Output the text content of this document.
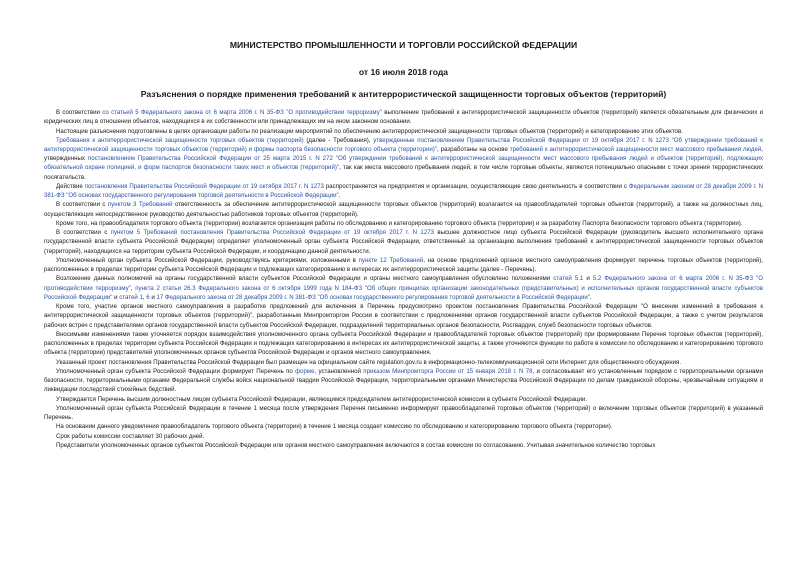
МИНИСТЕРСТВО ПРОМЫШЛЕННОСТИ И ТОРГОВЛИ РОССИЙСКОЙ ФЕДЕРАЦИИ

от 16 июля 2018 года

Разъяснения о порядке применения требований к антитеррористической защищенности торговых объектов (территорий)

В соответствии со статьей 5 Федерального закона от 6 марта 2006 г. N 35-ФЗ "О противодействии терроризму" выполнение требований к антитеррористической защищенности объектов (территорий) является обязательным для физических и юридических лиц в отношении объектов, находящихся в их собственности или принадлежащих им на ином законном основании.

Настоящие разъяснения подготовлены в целях организации работы по реализации мероприятий по обеспечению антитеррористической защищенности торговых объектов (территорий) и категорированию этих объектов.

Требования к антитеррористической защищенности торговых объектов (территорий) (далее - Требования), утвержденные постановлением Правительства Российской Федерации от 19 октября 2017 г. N 1273 "Об утверждении требований к антитеррористической защищенности торговых объектов (территорий) и формы паспорта безопасности торгового объекта (территории)", разработаны на основе требований к антитеррористической защищенности мест массового пребывания людей, утвержденных постановлением Правительства Российской Федерации от 25 марта 2015 г. N 272 "Об утверждении требований к антитеррористической защищенности мест массового пребывания людей и объектов (территорий), подлежащих обязательной охране полицией, и форм паспортов безопасности таких мест и объектов (территорий)", так как места массового пребывания людей, в том числе торговые объекты, являются потенциально опасными с точки зрения террористических посягательств.

Действие постановления Правительства Российской Федерации от 19 октября 2017 г. N 1273 распространяется на предприятия и организации, осуществляющие свою деятельность в соответствии с Федеральным законом от 28 декабря 2009 г. N 381-ФЗ "Об основах государственного регулирования торговой деятельности в Российской Федерации".

В соответствии с пунктом 3 Требований ответственность за обеспечение антитеррористической защищенности торговых объектов (территорий) возлагается на правообладателей торговых объектов (территорий), а также на должностных лиц, осуществляющих непосредственное руководство деятельностью работников торговых объектов (территорий).

Кроме того, на правообладателя торгового объекта (территории) возлагается организация работы по обследованию и категорированию торгового объекта (территории) и за разработку Паспорта безопасности торгового объекта (территории).

В соответствии с пунктом 5 Требований постановления Правительства Российской Федерации от 19 октября 2017 г. N 1273 высшее должностное лицо субъекта Российской Федерации (руководитель высшего исполнительного органа государственной власти субъекта Российской Федерации) определяет уполномоченный орган субъекта Российской Федерации, ответственный за организацию выполнения требований к антитеррористической защищенности торговых объектов (территорий), находящихся на территории субъекта Российской Федерации, и координацию данной деятельности.

Уполномоченный орган субъекта Российской Федерации, руководствуясь критериями, изложенными в пункте 12 Требований, на основе предложений органов местного самоуправления формирует перечень торговых объектов (территорий), расположенных в пределах территории субъекта Российской Федерации и подлежащих категорированию в интересах их антитеррористической защиты (далее - Перечень).

Возложение данных полномочий на органы государственной власти субъектов Российской Федерации и органы местного самоуправления обусловлено положениями статей 5.1 и 5.2 Федерального закона от 6 марта 2006 г. N 35-ФЗ "О противодействии терроризму", пункта 2 статьи 26.3 Федерального закона от 6 октября 1999 года N 184-ФЗ "Об общих принципах организации законодательных (представительных) и исполнительных органов государственной власти субъектов Российской Федерации" и статей 1, 6 и 17 Федерального закона от 28 декабря 2009 г. N 381-ФЗ "Об основах государственного регулирования торговой деятельности в Российской Федерации".

Кроме того, участие органов местного самоуправления в разработке предложений для включения в Перечень предусмотрено проектом постановления Правительства Российской Федерации "О внесении изменений в требования к антитеррористической защищенности торговых объектов (территорий)", разработанным Минпромторгом России в соответствии с предложениями органов государственной власти субъектов Российской Федерации, а также с учетом результатов рабочих встреч с представителями органов государственной власти субъектов Российской Федерации, подразделений территориальных органов безопасности, Росгвардии, служб безопасности торговых объектов.

Вносимыми изменениями также уточняется порядок взаимодействия уполномоченного органа субъекта Российской Федерации и правообладателей торговых объектов (территорий) при формировании Перечня торговых объектов (территорий), расположенных в пределах территории субъекта Российской Федерации и подлежащих категорированию в интересах их антитеррористической защиты, а также уточняются функции по работе в комиссии по обследованию и категорированию торгового объекта (территории) представителей уполномоченных органов субъектов Российской Федерации и органов местного самоуправления.

Указанный проект постановления Правительства Российской Федерации был размещен на официальном сайте regulation.gov.ru в информационно-телекоммуникационной сети Интернет для общественного обсуждения.

Уполномоченный орган субъекта Российской Федерации формирует Перечень по форме, установленной приказом Минпромторга России от 15 января 2018 г. N 78, и согласовывает его установленным порядком с территориальными органами безопасности, территориальными органами Федеральной службы войск национальной гвардии Российской Федерации, территориальными органами Министерства Российской Федерации по делам гражданской обороны, чрезвычайным ситуациям и ликвидации последствий стихийных бедствий.

Утверждается Перечень высшим должностным лицом субъекта Российской Федерации, являющимся председателем антитеррористической комиссии в субъекте Российской Федерации.

Уполномоченный орган субъекта Российской Федерации в течение 1 месяца после утверждения Перечня письменно информирует правообладателей торговых объектов (территорий) о включении торговых объектов (территорий) в указанный Перечень.

На основании данного уведомления правообладатель торгового объекта (территории) в течение 1 месяца создает комиссию по обследованию и категорированию торгового объекта (территории).

Срок работы комиссии составляет 30 рабочих дней.

Представители уполномоченных органов субъектов Российской Федерации или органов местного самоуправления включаются в состав комиссии по согласованию. Учитывая значительное количество торговых
